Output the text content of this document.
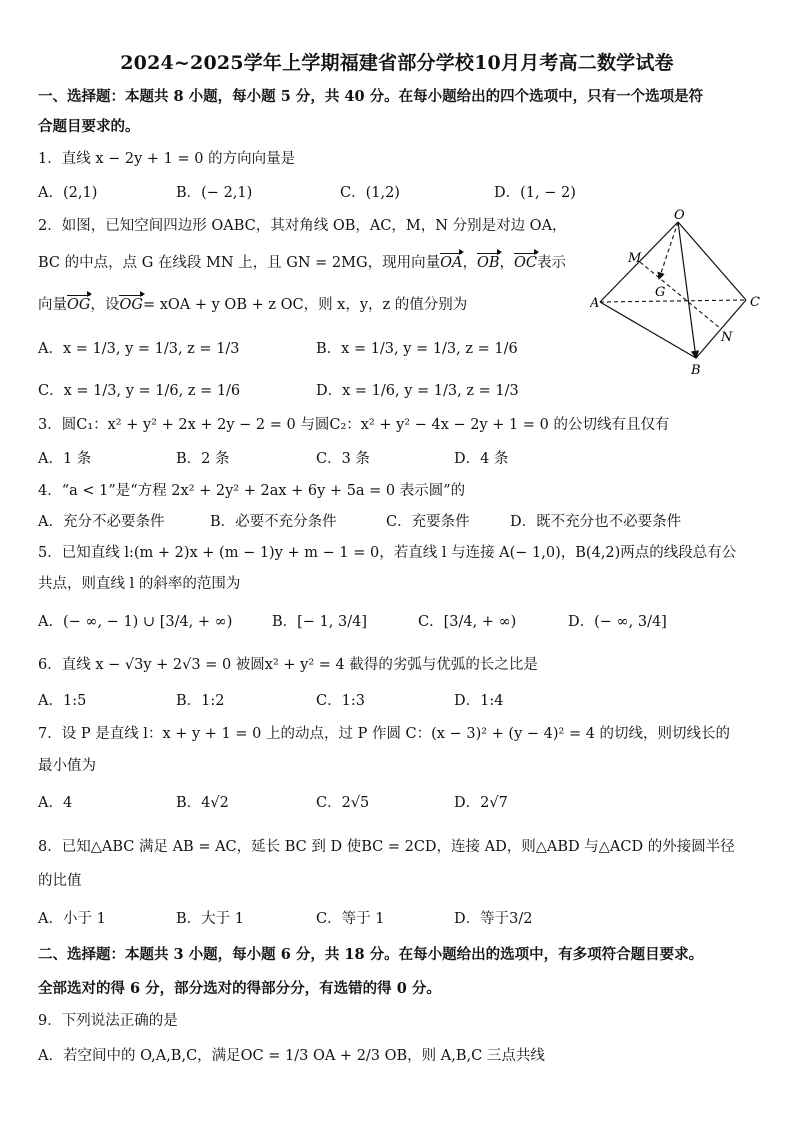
2024~2025学年上学期福建省部分学校10月月考高二数学试卷
一、选择题：本题共 8 小题，每小题 5 分，共 40 分。在每小题给出的四个选项中，只有一个选项是符
合题目要求的。
1．直线 x − 2y + 1 = 0 的方向向量是
A．(2,1)	B．(− 2,1)	C．(1,2)	D．(1, − 2)
2．如图，已知空间四边形 OABC，其对角线 OB，AC，M，N 分别是对边 OA，
BC 的中点，点 G 在线段 MN 上，且 GN = 2MG，现用向量OA，OB，OC表示
向量OG，设OG= xOA + y OB + z OC，则 x，y，z 的值分别为
A．x = 1/3, y = 1/3, z = 1/3	B．x = 1/3, y = 1/3, z = 1/6
C．x = 1/3, y = 1/6, z = 1/6	D．x = 1/6, y = 1/3, z = 1/3
O
M
G
A	C
N
B
3．圆C₁：x² + y² + 2x + 2y − 2 = 0 与圆C₂：x² + y² − 4x − 2y + 1 = 0 的公切线有且仅有
A．1 条	B．2 条	C．3 条	D．4 条
4．“a < 1”是“方程 2x² + 2y² + 2ax + 6y + 5a = 0 表示圆”的
A．充分不必要条件	B．必要不充分条件	C．充要条件	D．既不充分也不必要条件
5．已知直线 l:(m + 2)x + (m − 1)y + m − 1 = 0，若直线 l 与连接 A(− 1,0)，B(4,2)两点的线段总有公
共点，则直线 l 的斜率的范围为
A．(− ∞, − 1) ∪ [3/4, + ∞)	B．[− 1, 3/4]	C．[3/4, + ∞)	D．(− ∞, 3/4]
6．直线 x − √3y + 2√3 = 0 被圆x² + y² = 4 截得的劣弧与优弧的长之比是
A．1:5	B．1:2	C．1:3	D．1:4
7．设 P 是直线 l：x + y + 1 = 0 上的动点，过 P 作圆 C：(x − 3)² + (y − 4)² = 4 的切线，则切线长的
最小值为
A．4	B．4√2	C．2√5	D．2√7
8．已知△ABC 满足 AB = AC，延长 BC 到 D 使BC = 2CD，连接 AD，则△ABD 与△ACD 的外接圆半径
的比值
A．小于 1	B．大于 1	C．等于 1	D．等于3/2
二、选择题：本题共 3 小题，每小题 6 分，共 18 分。在每小题给出的选项中，有多项符合题目要求。
全部选对的得 6 分，部分选对的得部分分，有选错的得 0 分。
9．下列说法正确的是
A．若空间中的 O,A,B,C，满足OC = 1/3 OA + 2/3 OB，则 A,B,C 三点共线
